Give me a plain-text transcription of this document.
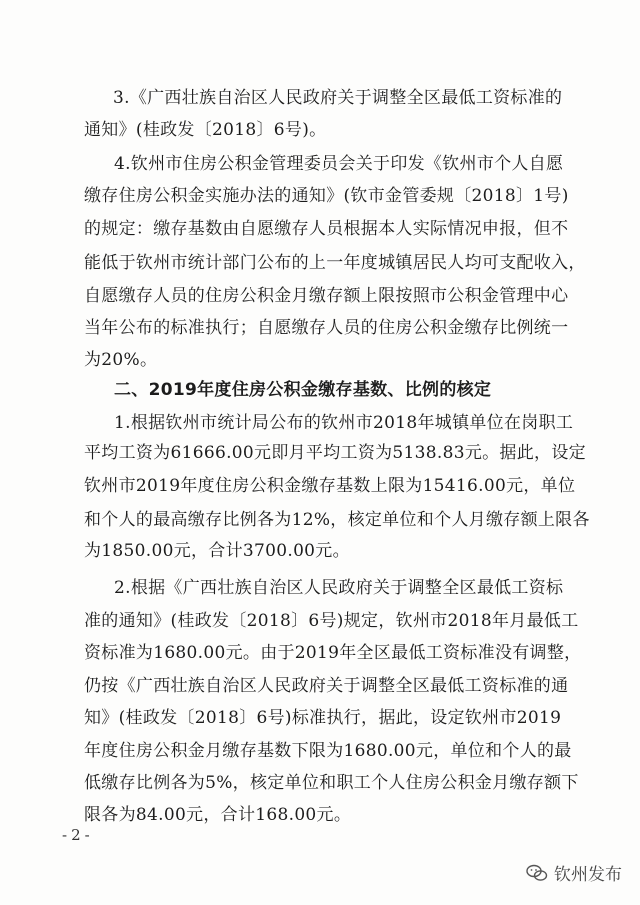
3.《广西壮族自治区人民政府关于调整全区最低工资标准的
通知》(桂政发〔2018〕6号)。
4.钦州市住房公积金管理委员会关于印发《钦州市个人自愿
缴存住房公积金实施办法的通知》(钦市金管委规〔2018〕1号)
的规定：缴存基数由自愿缴存人员根据本人实际情况申报，但不
能低于钦州市统计部门公布的上一年度城镇居民人均可支配收入，
自愿缴存人员的住房公积金月缴存额上限按照市公积金管理中心
当年公布的标准执行；自愿缴存人员的住房公积金缴存比例统一
为20%。
二、2019年度住房公积金缴存基数、比例的核定
1.根据钦州市统计局公布的钦州市2018年城镇单位在岗职工
平均工资为61666.00元即月平均工资为5138.83元。据此，设定
钦州市2019年度住房公积金缴存基数上限为15416.00元，单位
和个人的最高缴存比例各为12%，核定单位和个人月缴存额上限各
为1850.00元，合计3700.00元。
2.根据《广西壮族自治区人民政府关于调整全区最低工资标
准的通知》(桂政发〔2018〕6号)规定，钦州市2018年月最低工
资标准为1680.00元。由于2019年全区最低工资标准没有调整，
仍按《广西壮族自治区人民政府关于调整全区最低工资标准的通
知》(桂政发〔2018〕6号)标准执行，据此，设定钦州市2019
年度住房公积金月缴存基数下限为1680.00元，单位和个人的最
低缴存比例各为5%，核定单位和职工个人住房公积金月缴存额下
限各为84.00元，合计168.00元。
-2-
钦州发布
